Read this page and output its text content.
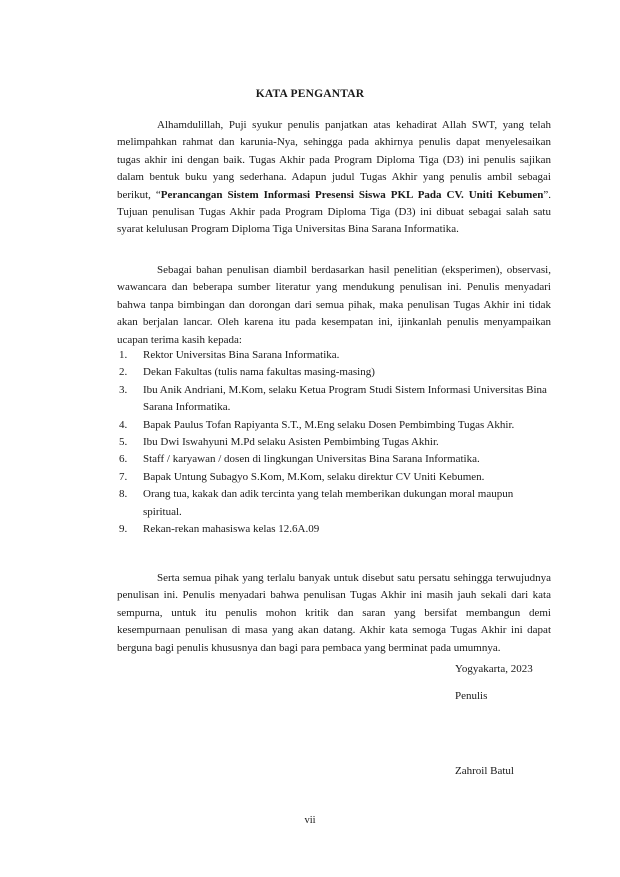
KATA PENGANTAR

Alhamdulillah, Puji syukur penulis panjatkan atas kehadirat Allah SWT, yang telah melimpahkan rahmat dan karunia-Nya, sehingga pada akhirnya penulis dapat menyelesaikan tugas akhir ini dengan baik. Tugas Akhir pada Program Diploma Tiga (D3) ini penulis sajikan dalam bentuk buku yang sederhana. Adapun judul Tugas Akhir yang penulis ambil sebagai berikut, “Perancangan Sistem Informasi Presensi Siswa PKL Pada CV. Uniti Kebumen”. Tujuan penulisan Tugas Akhir pada Program Diploma Tiga (D3) ini dibuat sebagai salah satu syarat kelulusan Program Diploma Tiga Universitas Bina Sarana Informatika.

Sebagai bahan penulisan diambil berdasarkan hasil penelitian (eksperimen), observasi, wawancara dan beberapa sumber literatur yang mendukung penulisan ini. Penulis menyadari bahwa tanpa bimbingan dan dorongan dari semua pihak, maka penulisan Tugas Akhir ini tidak akan berjalan lancar. Oleh karena itu pada kesempatan ini, ijinkanlah penulis menyampaikan ucapan terima kasih kepada:

1.	Rektor Universitas Bina Sarana Informatika.
2.	Dekan Fakultas (tulis nama fakultas masing-masing)
3.	Ibu Anik Andriani, M.Kom, selaku Ketua Program Studi Sistem Informasi Universitas Bina Sarana Informatika.
4.	Bapak Paulus Tofan Rapiyanta S.T., M.Eng selaku Dosen Pembimbing Tugas Akhir.
5.	Ibu Dwi Iswahyuni M.Pd selaku Asisten Pembimbing Tugas Akhir.
6.	Staff / karyawan / dosen di lingkungan Universitas Bina Sarana Informatika.
7.	Bapak Untung Subagyo S.Kom, M.Kom, selaku direktur CV Uniti Kebumen.
8.	Orang tua, kakak dan adik tercinta yang telah memberikan dukungan moral maupun spiritual.
9.	Rekan-rekan mahasiswa kelas 12.6A.09

Serta semua pihak yang terlalu banyak untuk disebut satu persatu sehingga terwujudnya penulisan ini. Penulis menyadari bahwa penulisan Tugas Akhir ini masih jauh sekali dari kata sempurna, untuk itu penulis mohon kritik dan saran yang bersifat membangun demi kesempurnaan penulisan di masa yang akan datang. Akhir kata semoga Tugas Akhir ini dapat berguna bagi penulis khususnya dan bagi para pembaca yang berminat pada umumnya.

Yogyakarta, 2023
Penulis
Zahroil Batul
vii
